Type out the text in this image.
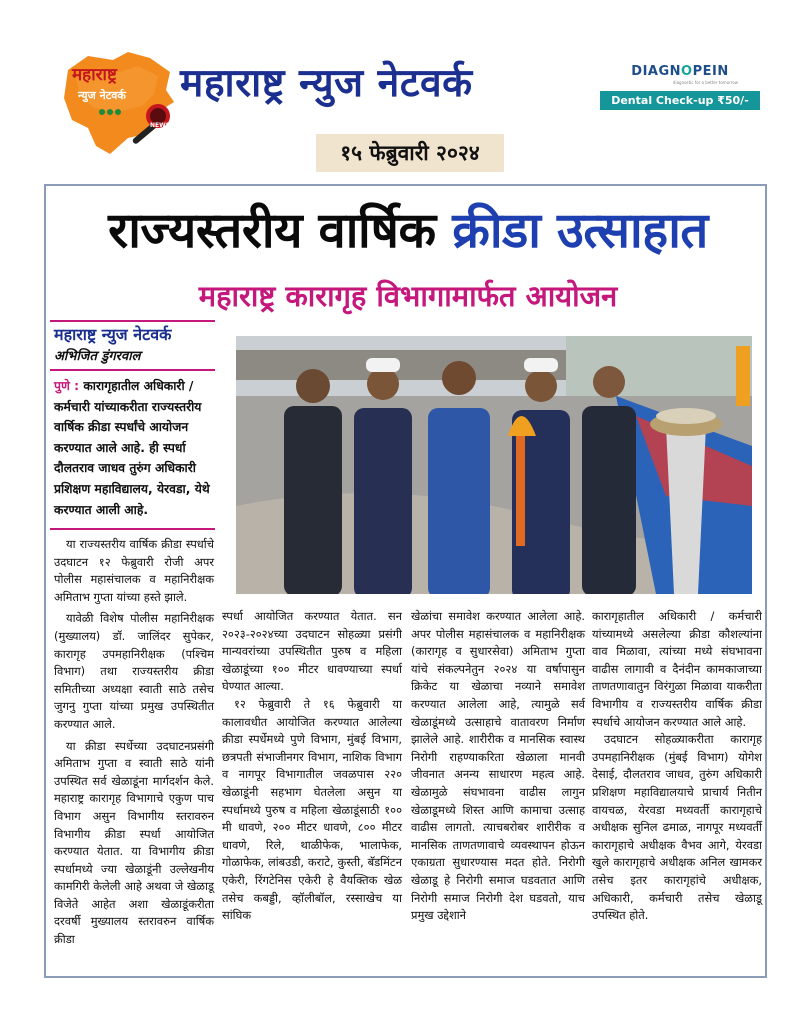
महाराष्ट्र
न्युज नेटवर्क
NEWS
महाराष्ट्र न्युज नेटवर्क
१५ फेब्रुवारी २०२४
DIAGNOPEIN
diagnostic for a better tomorrow
Dental Check-up ₹50/-
राज्यस्तरीय वार्षिक क्रीडा उत्साहात
महाराष्ट्र कारागृह विभागामार्फत आयोजन
महाराष्ट्र न्युज नेटवर्क
अभिजित डुंगरवाल
पुणे : कारागृहातील अधिकारी / कर्मचारी यांच्याकरीता राज्यस्तरीय वार्षिक क्रीडा स्पर्धांचे आयोजन करण्यात आले आहे. ही स्पर्धा दौलतराव जाधव तुरुंग अधिकारी प्रशिक्षण महाविद्यालय, येरवडा, येथे करण्यात आली आहे.

या राज्यस्तरीय वार्षिक क्रीडा स्पर्धाचे उदघाटन १२ फेब्रुवारी रोजी अपर पोलीस महासंचालक व महानिरीक्षक अमिताभ गुप्ता यांच्या हस्ते झाले.

यावेळी विशेष पोलीस महानिरीक्षक (मुख्यालय) डॉ. जालिंदर सुपेकर, कारागृह उपमहानिरीक्षक (पश्चिम विभाग) तथा राज्यस्तरीय क्रीडा समितीच्या अध्यक्षा स्वाती साठे तसेच जुगनु गुप्ता यांच्या प्रमुख उपस्थितीत करण्यात आले.

या क्रीडा स्पर्धेच्या उदघाटनप्रसंगी अमिताभ गुप्ता व स्वाती साठे यांनी उपस्थित सर्व खेळाडूंना मार्गदर्शन केले. महाराष्ट्र कारागृह विभागाचे एकुण पाच विभाग असुन विभागीय स्तरावरुन विभागीय क्रीडा स्पर्धा आयोजित करण्यात येतात. या विभागीय क्रीडा स्पर्धामध्ये ज्या खेळाडूंनी उल्लेखनीय कामगिरी केलेली आहे अथवा जे खेळाडू विजेते आहेत अशा खेळाडूंकरीता दरवर्षी मुख्यालय स्तरावरुन वार्षिक क्रीडा

स्पर्धा आयोजित करण्यात येतात. सन २०२३-२०२४च्या उदघाटन सोहळ्या प्रसंगी मान्यवरांच्या उपस्थितीत पुरुष व महिला खेळाडूंच्या १०० मीटर धावण्याच्या स्पर्धा घेण्यात आल्या.

१२ फेब्रुवारी ते १६ फेब्रुवारी या कालावधीत आयोजित करण्यात आलेल्या क्रीडा स्पर्धेमध्ये पुणे विभाग, मुंबई विभाग, छत्रपती संभाजीनगर विभाग, नाशिक विभाग व नागपूर विभागातील जवळपास २२० खेळाडूंनी सहभाग घेतलेला असुन या स्पर्धामध्ये पुरुष व महिला खेळाडूंसाठी १०० मी धावणे, २०० मीटर धावणे, ८०० मीटर धावणे, रिले, थाळीफेक, भालाफेक, गोळाफेक, लांबउडी, कराटे, कुस्ती, बॅडमिंटन एकेरी, रिंगटेनिस एकेरी हे वैयक्तिक खेळ तसेच कबड्डी, व्हॉलीबॉल, रस्साखेच या सांघिक

खेळांचा समावेश करण्यात आलेला आहे. अपर पोलीस महासंचालक व महानिरीक्षक (कारागृह व सुधारसेवा) अमिताभ गुप्ता यांचे संकल्पनेतुन २०२४ या वर्षापासुन क्रिकेट या खेळाचा नव्याने समावेश करण्यात आलेला आहे, त्यामुळे सर्व खेळाडूंमध्ये उत्साहाचे वातावरण निर्माण झालेले आहे. शारीरीक व मानसिक स्वास्थ निरोगी राहण्याकरिता खेळाला मानवी जीवनात अनन्य साधारण महत्व आहे. खेळामुळे संघभावना वाढीस लागुन खेळाडूमध्ये शिस्त आणि कामाचा उत्साह वाढीस लागतो. त्याचबरोबर शारीरीक व मानसिक ताणतणावाचे व्यवस्थापन होऊन एकाग्रता सुधारण्यास मदत होते. निरोगी खेळाडू हे निरोगी समाज घडवतात आणि निरोगी समाज निरोगी देश घडवतो, याच प्रमुख उद्देशाने

कारागृहातील अधिकारी / कर्मचारी यांच्यामध्ये असलेल्या क्रीडा कौशल्यांना वाव मिळावा, त्यांच्या मध्ये संघभावना वाढीस लागावी व दैनंदीन कामकाजाच्या ताणतणावातुन विरंगुळा मिळावा याकरीता विभागीय व राज्यस्तरीय वार्षिक क्रीडा स्पर्धाचे आयोजन करण्यात आले आहे.

उदघाटन सोहळ्याकरीता कारागृह उपमहानिरीक्षक (मुंबई विभाग) योगेश देसाई, दौलतराव जाधव, तुरुंग अधिकारी प्रशिक्षण महाविद्यालयाचे प्राचार्य नितीन वायचळ, येरवडा मध्यवर्ती कारागृहाचे अधीक्षक सुनिल ढमाळ, नागपूर मध्यवर्ती कारागृहाचे अधीक्षक वैभव आगे, येरवडा खुले कारागृहाचे अधीक्षक अनिल खामकर तसेच इतर कारागृहांचे अधीक्षक, अधिकारी, कर्मचारी तसेच खेळाडू उपस्थित होते.
